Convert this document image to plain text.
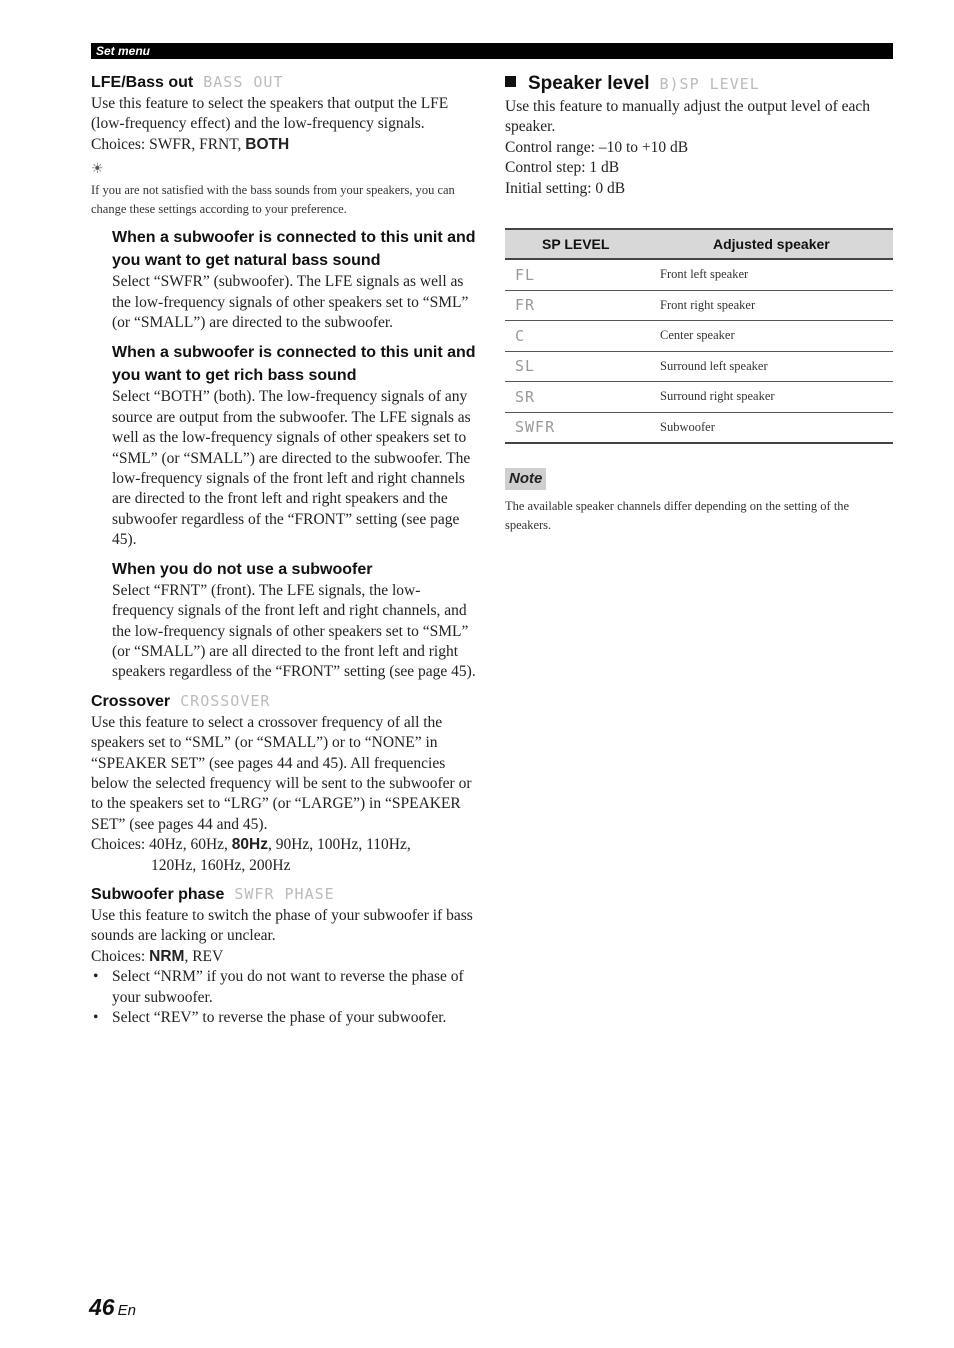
Set menu
LFE/Bass out BASS OUT

Use this feature to select the speakers that output the LFE (low-frequency effect) and the low-frequency signals.

Choices: SWFR, FRNT, BOTH

☀

If you are not satisfied with the bass sounds from your speakers, you can change these settings according to your preference.

When a subwoofer is connected to this unit and you want to get natural bass sound

Select “SWFR” (subwoofer). The LFE signals as well as the low-frequency signals of other speakers set to “SML” (or “SMALL”) are directed to the subwoofer.

When a subwoofer is connected to this unit and you want to get rich bass sound

Select “BOTH” (both). The low-frequency signals of any source are output from the subwoofer. The LFE signals as well as the low-frequency signals of other speakers set to “SML” (or “SMALL”) are directed to the subwoofer. The low-frequency signals of the front left and right channels are directed to the front left and right speakers and the subwoofer regardless of the “FRONT” setting (see page 45).

When you do not use a subwoofer

Select “FRNT” (front). The LFE signals, the low-frequency signals of the front left and right channels, and the low-frequency signals of other speakers set to “SML” (or “SMALL”) are all directed to the front left and right speakers regardless of the “FRONT” setting (see page 45).

Crossover CROSSOVER

Use this feature to select a crossover frequency of all the speakers set to “SML” (or “SMALL”) or to “NONE” in “SPEAKER SET” (see pages 44 and 45). All frequencies below the selected frequency will be sent to the subwoofer or to the speakers set to “LRG” (or “LARGE”) in “SPEAKER SET” (see pages 44 and 45).

Choices: 40Hz, 60Hz, 80Hz, 90Hz, 100Hz, 110Hz,

120Hz, 160Hz, 200Hz

Subwoofer phase SWFR PHASE

Use this feature to switch the phase of your subwoofer if bass sounds are lacking or unclear.

Choices: NRM, REV

• Select “NRM” if you do not want to reverse the phase of your subwoofer.
• Select “REV” to reverse the phase of your subwoofer.
Speaker level B)SP LEVEL

Use this feature to manually adjust the output level of each speaker.

Control range: –10 to +10 dB

Control step: 1 dB

Initial setting: 0 dB

SP LEVEL	Adjusted speaker
FL	Front left speaker
FR	Front right speaker
C	Center speaker
SL	Surround left speaker
SR	Surround right speaker
SWFR	Subwoofer
Note

The available speaker channels differ depending on the setting of the speakers.

46 En
